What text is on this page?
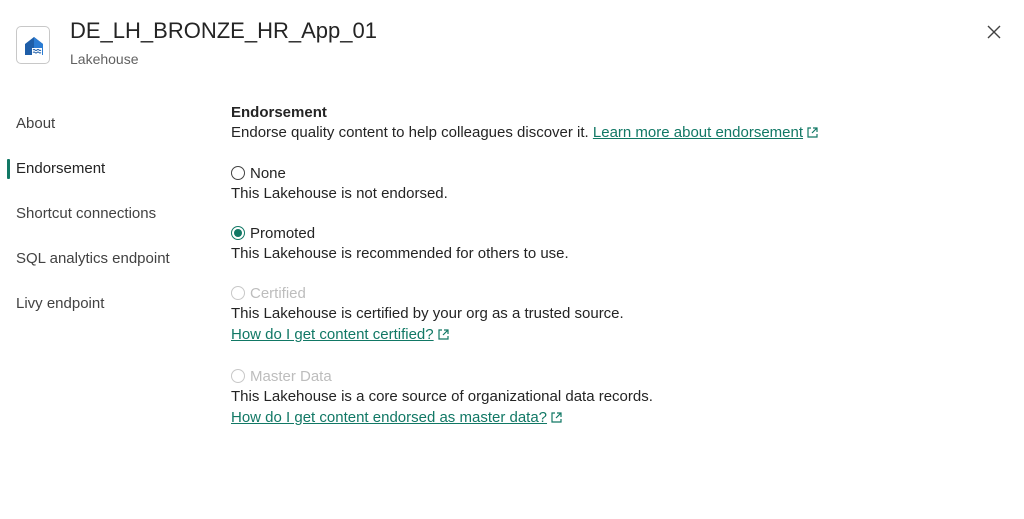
DE_LH_BRONZE_HR_App_01
Lakehouse
About
Endorsement
Shortcut connections
SQL analytics endpoint
Livy endpoint
Endorsement
Endorse quality content to help colleagues discover it. Learn more about endorsement
None
This Lakehouse is not endorsed.
Promoted
This Lakehouse is recommended for others to use.
Certified
This Lakehouse is certified by your org as a trusted source.
How do I get content certified?
Master Data
This Lakehouse is a core source of organizational data records.
How do I get content endorsed as master data?
